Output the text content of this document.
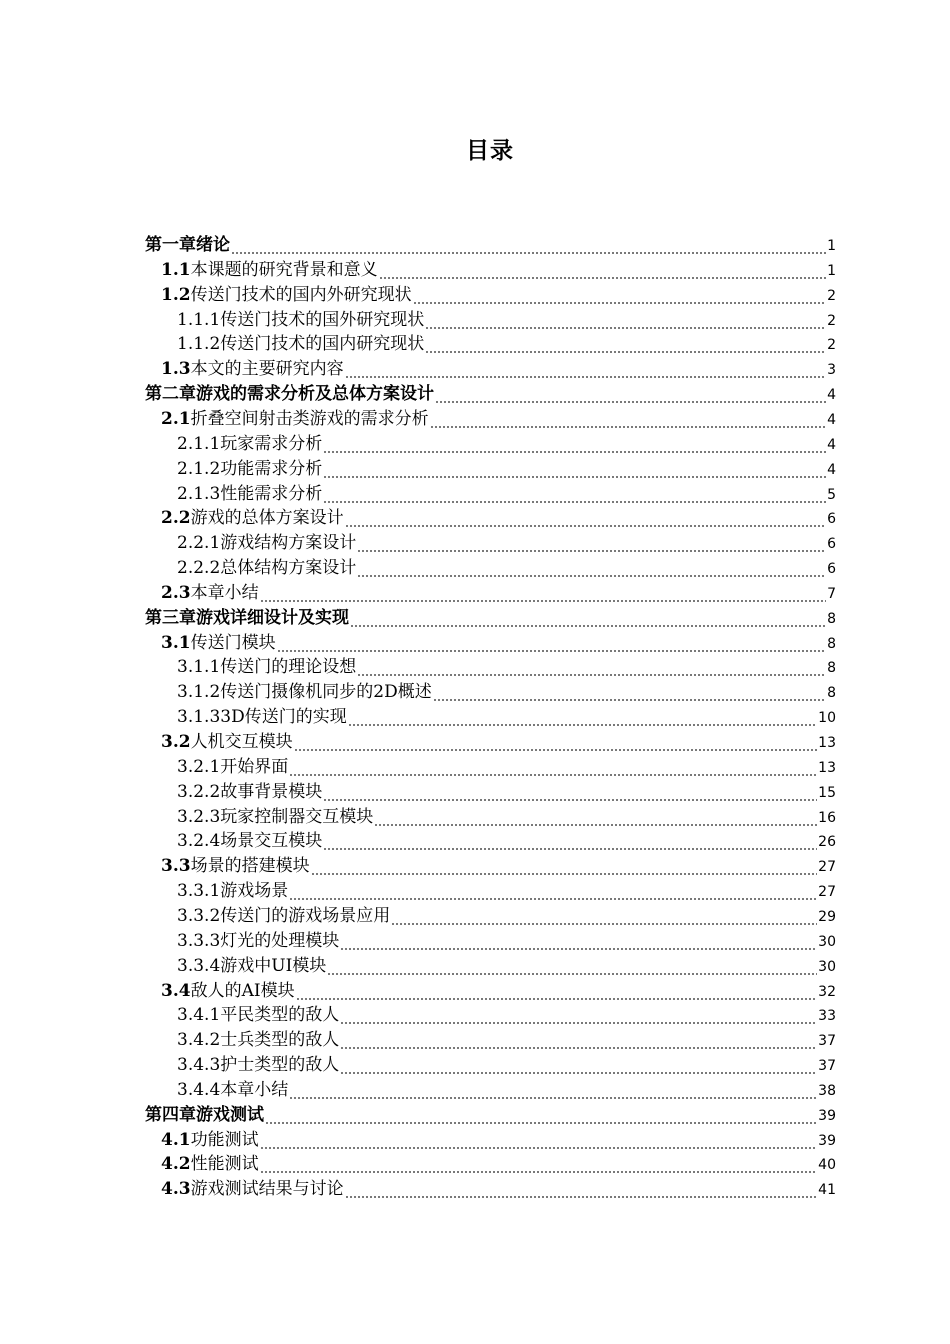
目录
第一章 绪论	1
1.1 本课题的研究背景和意义	1
1.2 传送门技术的国内外研究现状	2
1.1.1 传送门技术的国外研究现状	2
1.1.2 传送门技术的国内研究现状	2
1.3 本文的主要研究内容	3
第二章 游戏的需求分析及总体方案设计	4
2.1 折叠空间射击类游戏的需求分析	4
2.1.1 玩家需求分析	4
2.1.2 功能需求分析	4
2.1.3 性能需求分析	5
2.2 游戏的总体方案设计	6
2.2.1 游戏结构方案设计	6
2.2.2 总体结构方案设计	6
2.3 本章小结	7
第三章 游戏详细设计及实现	8
3.1 传送门模块	8
3.1.1 传送门的理论设想	8
3.1.2 传送门摄像机同步的2D概述	8
3.1.3 3D传送门的实现	10
3.2 人机交互模块	13
3.2.1 开始界面	13
3.2.2 故事背景模块	15
3.2.3 玩家控制器交互模块	16
3.2.4 场景交互模块	26
3.3 场景的搭建模块	27
3.3.1 游戏场景	27
3.3.2 传送门的游戏场景应用	29
3.3.3 灯光的处理模块	30
3.3.4 游戏中UI模块	30
3.4 敌人的AI模块	32
3.4.1 平民类型的敌人	33
3.4.2 士兵类型的敌人	37
3.4.3 护士类型的敌人	37
3.4.4 本章小结	38
第四章 游戏测试	39
4.1 功能测试	39
4.2 性能测试	40
4.3 游戏测试结果与讨论	41
